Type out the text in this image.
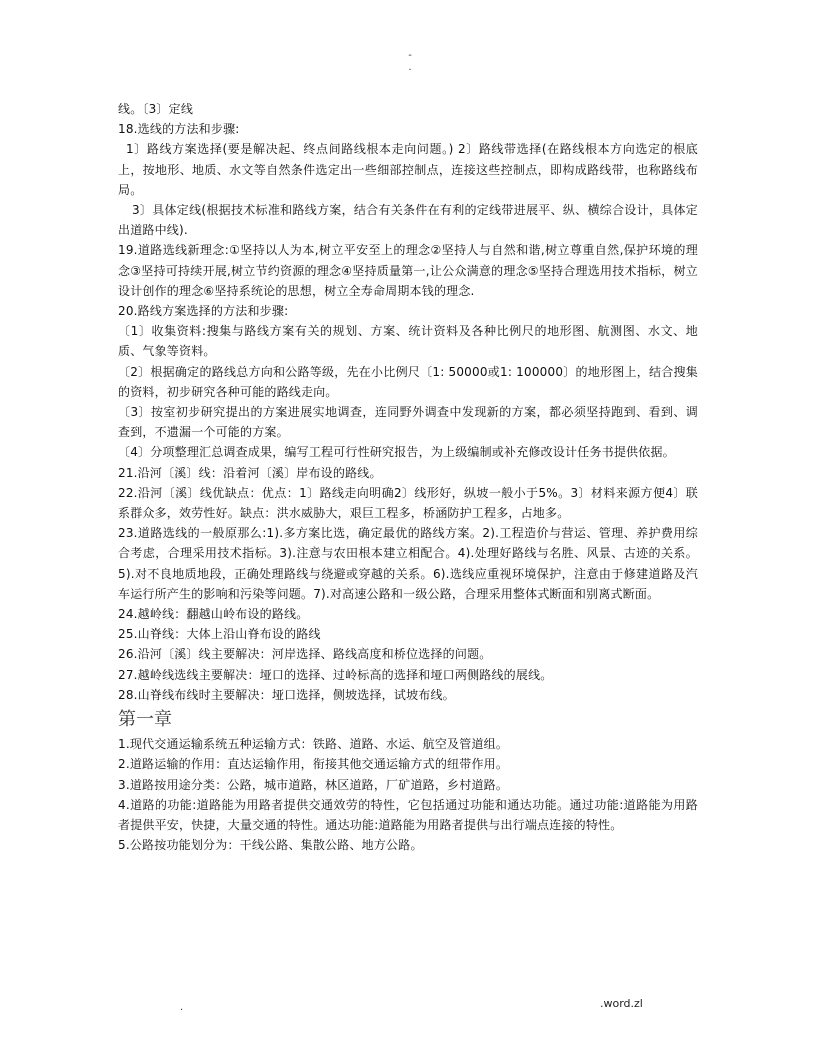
-
.

线。〔3〕定线

18.选线的方法和步骤:

1〕路线方案选择(要是解决起、终点间路线根本走向问题。) 2〕路线带选择(在路线根本方向选定的根底上，按地形、地质、水文等自然条件选定出一些细部控制点，连接这些控制点，即构成路线带，也称路线布局。

3〕具体定线(根据技术标准和路线方案，结合有关条件在有利的定线带进展平、纵、横综合设计，具体定出道路中线).

19.道路选线新理念:①坚持以人为本,树立平安至上的理念②坚持人与自然和谐,树立尊重自然,保护环境的理念③坚持可持续开展,树立节约资源的理念④坚持质量第一,让公众满意的理念⑤坚持合理选用技术指标，树立设计创作的理念⑥坚持系统论的思想，树立全寿命周期本钱的理念.

20.路线方案选择的方法和步骤:

〔1〕收集资料:搜集与路线方案有关的规划、方案、统计资料及各种比例尺的地形图、航测图、水文、地质、气象等资料。

〔2〕根据确定的路线总方向和公路等级，先在小比例尺〔1: 50000或1: 100000〕的地形图上，结合搜集的资料，初步研究各种可能的路线走向。

〔3〕按室初步研究提出的方案进展实地调查，连同野外调查中发现新的方案，都必须坚持跑到、看到、调查到，不遗漏一个可能的方案。

〔4〕分项整理汇总调查成果，编写工程可行性研究报告，为上级编制或补充修改设计任务书提供依据。

21.沿河〔溪〕线：沿着河〔溪〕岸布设的路线。

22.沿河〔溪〕线优缺点：优点：1〕路线走向明确2〕线形好，纵坡一般小于5%。3〕材料来源方便4〕联系群众多，效劳性好。缺点：洪水威胁大，艰巨工程多，桥涵防护工程多，占地多。

23.道路选线的一般原那么:1).多方案比选，确定最优的路线方案。2).工程造价与营运、管理、养护费用综合考虑，合理采用技术指标。3).注意与农田根本建立相配合。4).处理好路线与名胜、风景、古迹的关系。5).对不良地质地段，正确处理路线与绕避或穿越的关系。6).选线应重视环境保护，注意由于修建道路及汽车运行所产生的影响和污染等问题。7).对高速公路和一级公路，合理采用整体式断面和别离式断面。

24.越岭线：翻越山岭布设的路线。

25.山脊线：大体上沿山脊布设的路线

26.沿河〔溪〕线主要解决：河岸选择、路线高度和桥位选择的问题。

27.越岭线选线主要解决：垭口的选择、过岭标高的选择和垭口两侧路线的展线。

28.山脊线布线时主要解决：垭口选择，侧坡选择，试坡布线。

第一章

1.现代交通运输系统五种运输方式：铁路、道路、水运、航空及管道组。

2.道路运输的作用：直达运输作用，衔接其他交通运输方式的纽带作用。

3.道路按用途分类：公路，城市道路，林区道路，厂矿道路，乡村道路。

4.道路的功能:道路能为用路者提供交通效劳的特性，它包括通过功能和通达功能。通过功能:道路能为用路者提供平安，快捷，大量交通的特性。通达功能:道路能为用路者提供与出行端点连接的特性。

5.公路按功能划分为：干线公路、集散公路、地方公路。

.	.word.zl
